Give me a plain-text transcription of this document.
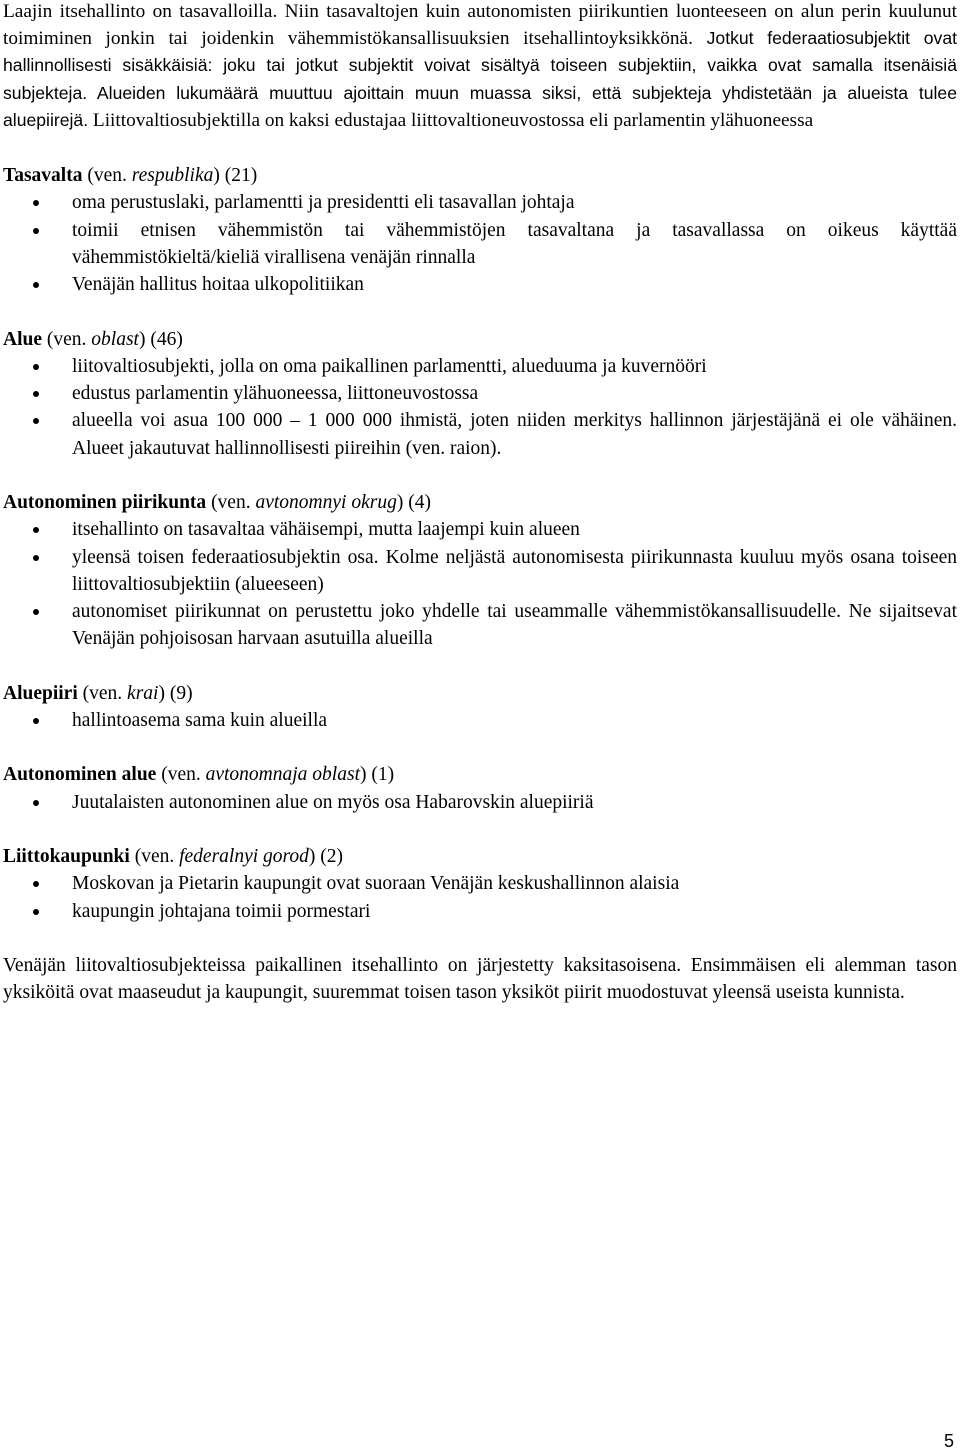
Laajin itsehallinto on tasavalloilla. Niin tasavaltojen kuin autonomisten piirikuntien luonteeseen on alun perin kuulunut toimiminen jonkin tai joidenkin vähemmistökansallisuuksien itsehallintoyksikkönä. Jotkut federaatiosubjektit ovat hallinnollisesti sisäkkäisiä: joku tai jotkut subjektit voivat sisältyä toiseen subjektiin, vaikka ovat samalla itsenäisiä subjekteja. Alueiden lukumäärä muuttuu ajoittain muun muassa siksi, että subjekteja yhdistetään ja alueista tulee aluepiirejä. Liittovaltiosubjektilla on kaksi edustajaa liittovaltioneuvostossa eli parlamentin ylähuoneessa

Tasavalta (ven. respublika) (21)

oma perustuslaki, parlamentti ja presidentti eli tasavallan johtaja
toimii etnisen vähemmistön tai vähemmistöjen tasavaltana ja tasavallassa on oikeus käyttää vähemmistökieltä/kieliä virallisena venäjän rinnalla
Venäjän hallitus hoitaa ulkopolitiikan

Alue (ven. oblast) (46)

liitovaltiosubjekti, jolla on oma paikallinen parlamentti, alueduuma ja kuvernööri
edustus parlamentin ylähuoneessa, liittoneuvostossa
alueella voi asua 100 000 – 1 000 000 ihmistä, joten niiden merkitys hallinnon järjestäjänä ei ole vähäinen. Alueet jakautuvat hallinnollisesti piireihin (ven. raion).

Autonominen piirikunta (ven. avtonomnyi okrug) (4)

itsehallinto on tasavaltaa vähäisempi, mutta laajempi kuin alueen
yleensä toisen federaatiosubjektin osa. Kolme neljästä autonomisesta piirikunnasta kuuluu myös osana toiseen liittovaltiosubjektiin (alueeseen)
autonomiset piirikunnat on perustettu joko yhdelle tai useammalle vähemmistökansallisuudelle. Ne sijaitsevat Venäjän pohjoisosan harvaan asutuilla alueilla

Aluepiiri (ven. krai) (9)

hallintoasema sama kuin alueilla

Autonominen alue (ven. avtonomnaja oblast) (1)

Juutalaisten autonominen alue on myös osa Habarovskin aluepiiriä

Liittokaupunki (ven. federalnyi gorod) (2)

Moskovan ja Pietarin kaupungit ovat suoraan Venäjän keskushallinnon alaisia
kaupungin johtajana toimii pormestari

Venäjän liitovaltiosubjekteissa paikallinen itsehallinto on järjestetty kaksitasoisena. Ensimmäisen eli alemman tason yksiköitä ovat maaseudut ja kaupungit, suuremmat toisen tason yksiköt piirit muodostuvat yleensä useista kunnista.

5
